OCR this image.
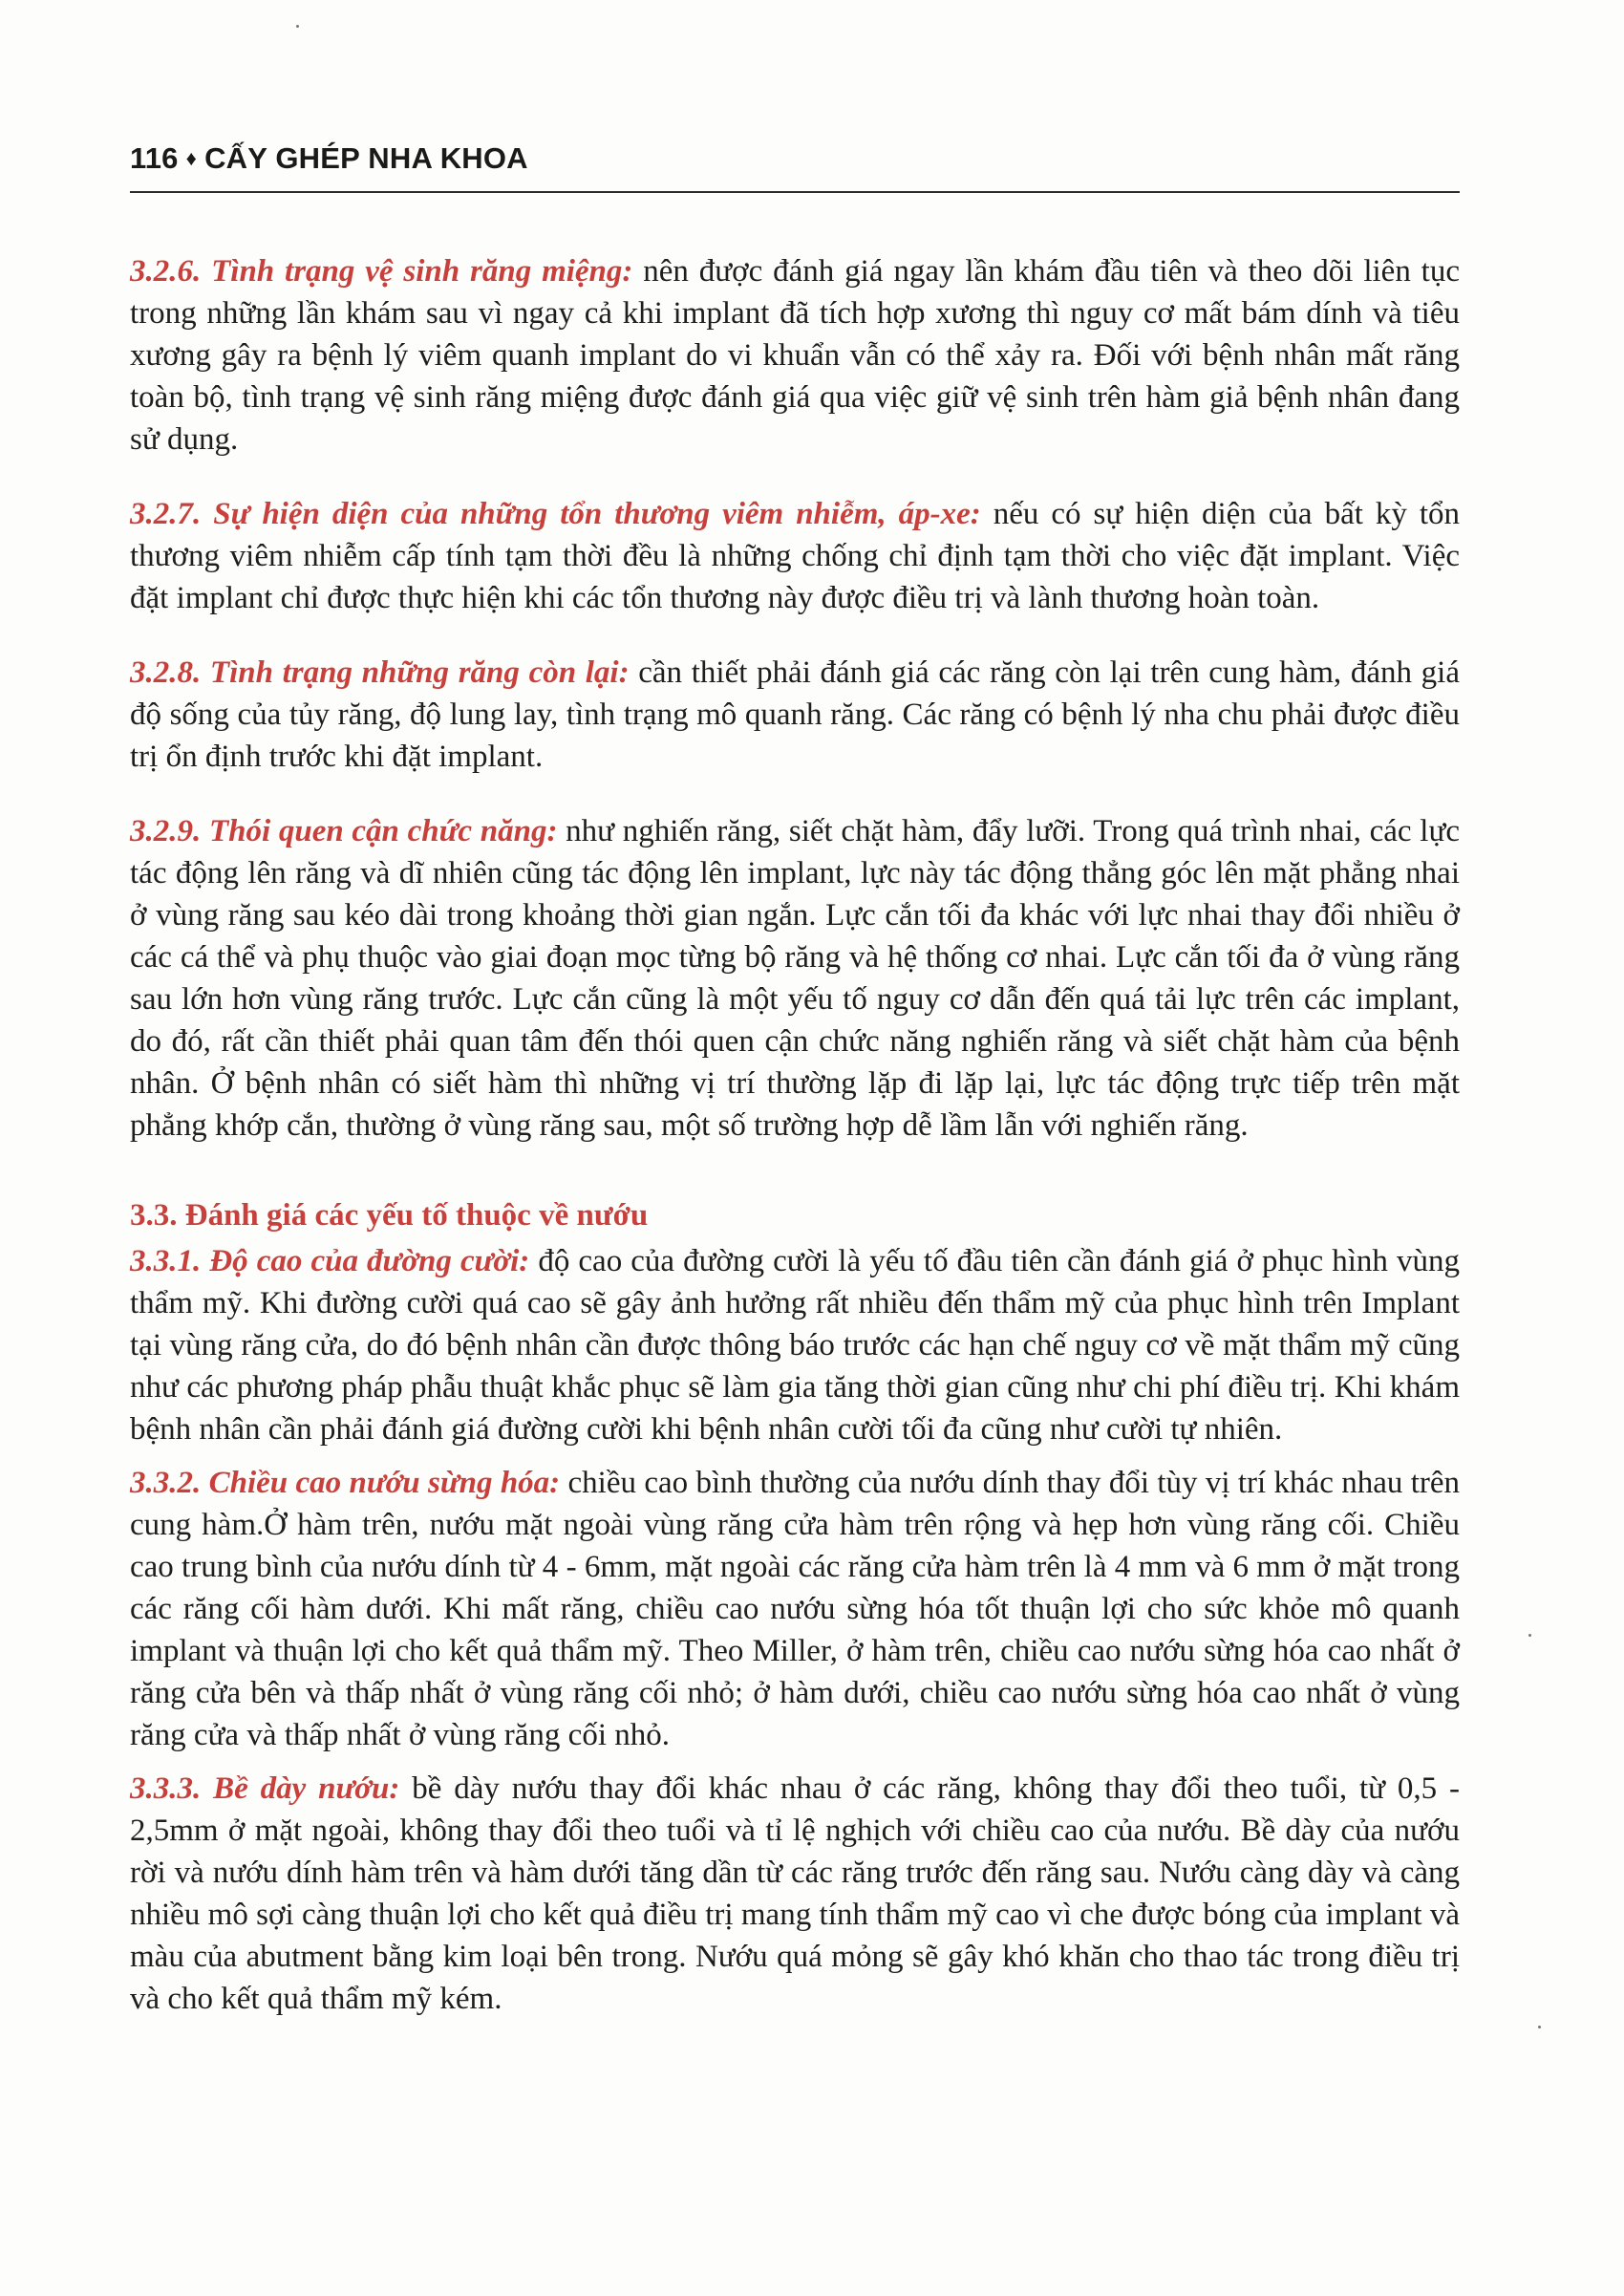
116 ♦ CẤY GHÉP NHA KHOA

3.2.6. Tình trạng vệ sinh răng miệng: nên được đánh giá ngay lần khám đầu tiên và theo dõi liên tục trong những lần khám sau vì ngay cả khi implant đã tích hợp xương thì nguy cơ mất bám dính và tiêu xương gây ra bệnh lý viêm quanh implant do vi khuẩn vẫn có thể xảy ra. Đối với bệnh nhân mất răng toàn bộ, tình trạng vệ sinh răng miệng được đánh giá qua việc giữ vệ sinh trên hàm giả bệnh nhân đang sử dụng.

3.2.7. Sự hiện diện của những tổn thương viêm nhiễm, áp-xe: nếu có sự hiện diện của bất kỳ tổn thương viêm nhiễm cấp tính tạm thời đều là những chống chỉ định tạm thời cho việc đặt implant. Việc đặt implant chỉ được thực hiện khi các tổn thương này được điều trị và lành thương hoàn toàn.

3.2.8. Tình trạng những răng còn lại: cần thiết phải đánh giá các răng còn lại trên cung hàm, đánh giá độ sống của tủy răng, độ lung lay, tình trạng mô quanh răng. Các răng có bệnh lý nha chu phải được điều trị ổn định trước khi đặt implant.

3.2.9. Thói quen cận chức năng: như nghiến răng, siết chặt hàm, đẩy lưỡi. Trong quá trình nhai, các lực tác động lên răng và dĩ nhiên cũng tác động lên implant, lực này tác động thẳng góc lên mặt phẳng nhai ở vùng răng sau kéo dài trong khoảng thời gian ngắn. Lực cắn tối đa khác với lực nhai thay đổi nhiều ở các cá thể và phụ thuộc vào giai đoạn mọc từng bộ răng và hệ thống cơ nhai. Lực cắn tối đa ở vùng răng sau lớn hơn vùng răng trước. Lực cắn cũng là một yếu tố nguy cơ dẫn đến quá tải lực trên các implant, do đó, rất cần thiết phải quan tâm đến thói quen cận chức năng nghiến răng và siết chặt hàm của bệnh nhân. Ở bệnh nhân có siết hàm thì những vị trí thường lặp đi lặp lại, lực tác động trực tiếp trên mặt phẳng khớp cắn, thường ở vùng răng sau, một số trường hợp dễ lầm lẫn với nghiến răng.

3.3. Đánh giá các yếu tố thuộc về nướu

3.3.1. Độ cao của đường cười: độ cao của đường cười là yếu tố đầu tiên cần đánh giá ở phục hình vùng thẩm mỹ. Khi đường cười quá cao sẽ gây ảnh hưởng rất nhiều đến thẩm mỹ của phục hình trên Implant tại vùng răng cửa, do đó bệnh nhân cần được thông báo trước các hạn chế nguy cơ về mặt thẩm mỹ cũng như các phương pháp phẫu thuật khắc phục sẽ làm gia tăng thời gian cũng như chi phí điều trị. Khi khám bệnh nhân cần phải đánh giá đường cười khi bệnh nhân cười tối đa cũng như cười tự nhiên.

3.3.2. Chiều cao nướu sừng hóa: chiều cao bình thường của nướu dính thay đổi tùy vị trí khác nhau trên cung hàm.Ở hàm trên, nướu mặt ngoài vùng răng cửa hàm trên rộng và hẹp hơn vùng răng cối. Chiều cao trung bình của nướu dính từ 4 - 6mm, mặt ngoài các răng cửa hàm trên là 4 mm và 6 mm ở mặt trong các răng cối hàm dưới. Khi mất răng, chiều cao nướu sừng hóa tốt thuận lợi cho sức khỏe mô quanh implant và thuận lợi cho kết quả thẩm mỹ. Theo Miller, ở hàm trên, chiều cao nướu sừng hóa cao nhất ở răng cửa bên và thấp nhất ở vùng răng cối nhỏ; ở hàm dưới, chiều cao nướu sừng hóa cao nhất ở vùng răng cửa và thấp nhất ở vùng răng cối nhỏ.

3.3.3. Bề dày nướu: bề dày nướu thay đổi khác nhau ở các răng, không thay đổi theo tuổi, từ 0,5 - 2,5mm ở mặt ngoài, không thay đổi theo tuổi và tỉ lệ nghịch với chiều cao của nướu. Bề dày của nướu rời và nướu dính hàm trên và hàm dưới tăng dần từ các răng trước đến răng sau. Nướu càng dày và càng nhiều mô sợi càng thuận lợi cho kết quả điều trị mang tính thẩm mỹ cao vì che được bóng của implant và màu của abutment bằng kim loại bên trong. Nướu quá mỏng sẽ gây khó khăn cho thao tác trong điều trị và cho kết quả thẩm mỹ kém.
